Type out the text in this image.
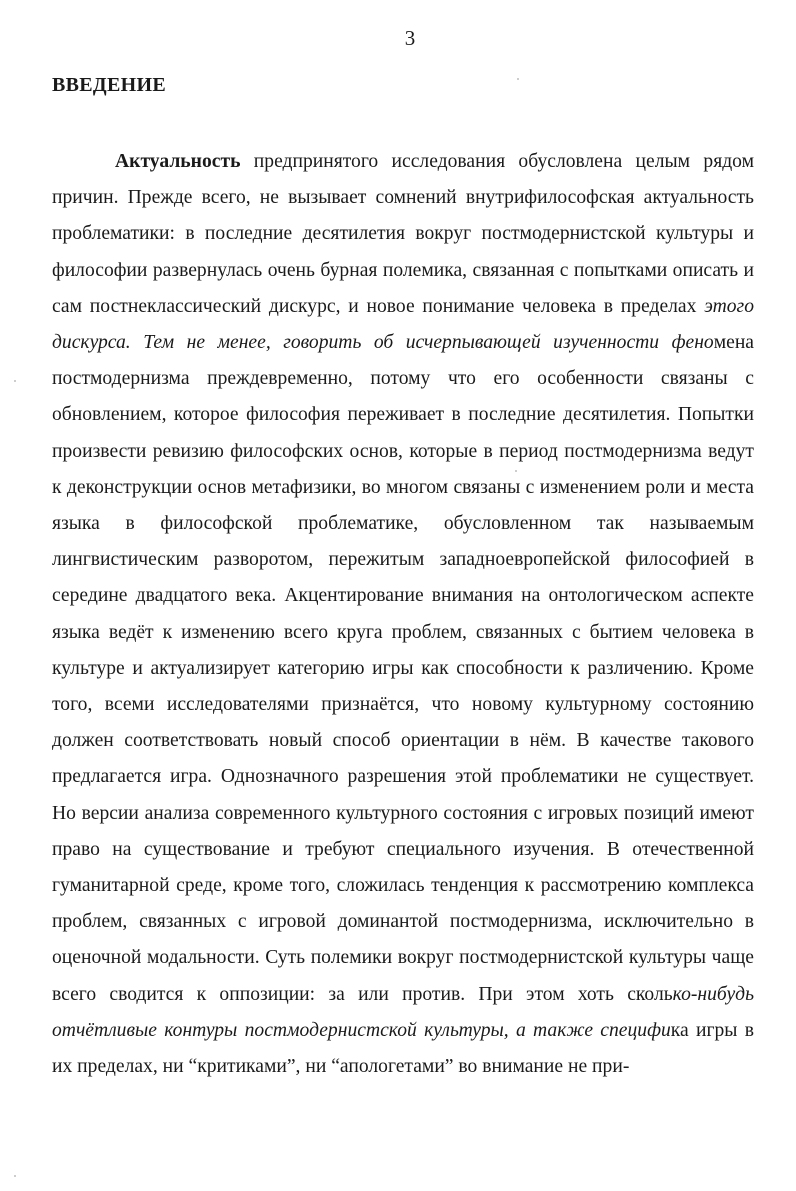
3
ВВЕДЕНИЕ

Актуальность предпринятого исследования обусловлена целым рядом причин. Прежде всего, не вызывает сомнений внутрифилософская актуальность проблематики: в последние десятилетия вокруг постмодернистской культуры и философии развернулась очень бурная полемика, связанная с попытками описать и сам постнеклассический дискурс, и новое понимание человека в пределах этого дискурса. Тем не менее, говорить об исчерпывающей изученности феномена постмодернизма преждевременно, потому что его особенности связаны с обновлением, которое философия переживает в последние десятилетия. Попытки произвести ревизию философских основ, которые в период постмодернизма ведут к деконструкции основ метафизики, во многом связаны с изменением роли и места языка в философской проблематике, обусловленном так называемым лингвистическим разворотом, пережитым западноевропейской философией в середине двадцатого века. Акцентирование внимания на онтологическом аспекте языка ведёт к изменению всего круга проблем, связанных с бытием человека в культуре и актуализирует категорию игры как способности к различению. Кроме того, всеми исследователями признаётся, что новому культурному состоянию должен соответствовать новый способ ориентации в нём. В качестве такового предлагается игра. Однозначного разрешения этой проблематики не существует. Но версии анализа современного культурного состояния с игровых позиций имеют право на существование и требуют специального изучения. В отечественной гуманитарной среде, кроме того, сложилась тенденция к рассмотрению комплекса проблем, связанных с игровой доминантой постмодернизма, исключительно в оценочной модальности. Суть полемики вокруг постмодернистской культуры чаще всего сводится к оппозиции: за или против. При этом хоть сколько-нибудь отчётливые контуры постмодернистской культуры, а также специфика игры в их пределах, ни “критиками”, ни “апологетами” во внимание не при-
